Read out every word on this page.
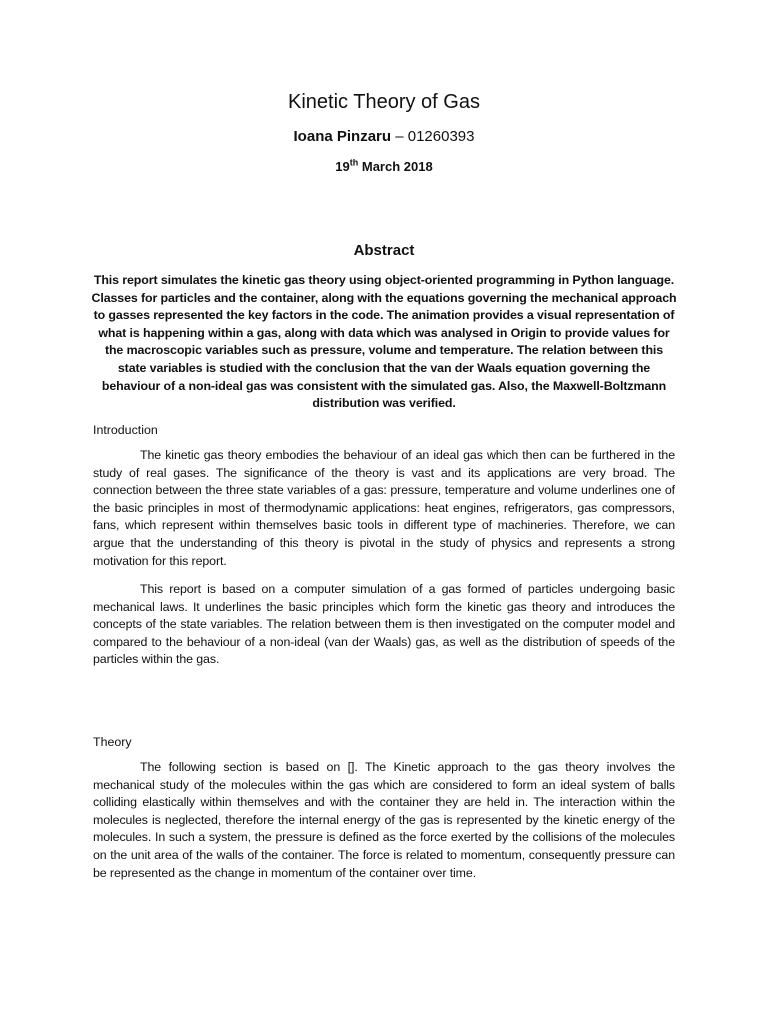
Kinetic Theory of Gas
Ioana Pinzaru – 01260393
19th March 2018
Abstract
This report simulates the kinetic gas theory using object-oriented programming in Python language. Classes for particles and the container, along with the equations governing the mechanical approach to gasses represented the key factors in the code. The animation provides a visual representation of what is happening within a gas, along with data which was analysed in Origin to provide values for the macroscopic variables such as pressure, volume and temperature. The relation between this state variables is studied with the conclusion that the van der Waals equation governing the behaviour of a non-ideal gas was consistent with the simulated gas. Also, the Maxwell-Boltzmann distribution was verified.
Introduction

The kinetic gas theory embodies the behaviour of an ideal gas which then can be furthered in the study of real gases. The significance of the theory is vast and its applications are very broad. The connection between the three state variables of a gas: pressure, temperature and volume underlines one of the basic principles in most of thermodynamic applications: heat engines, refrigerators, gas compressors, fans, which represent within themselves basic tools in different type of machineries. Therefore, we can argue that the understanding of this theory is pivotal in the study of physics and represents a strong motivation for this report.

This report is based on a computer simulation of a gas formed of particles undergoing basic mechanical laws. It underlines the basic principles which form the kinetic gas theory and introduces the concepts of the state variables. The relation between them is then investigated on the computer model and compared to the behaviour of a non-ideal (van der Waals) gas, as well as the distribution of speeds of the particles within the gas.

Theory

The following section is based on []. The Kinetic approach to the gas theory involves the mechanical study of the molecules within the gas which are considered to form an ideal system of balls colliding elastically within themselves and with the container they are held in. The interaction within the molecules is neglected, therefore the internal energy of the gas is represented by the kinetic energy of the molecules. In such a system, the pressure is defined as the force exerted by the collisions of the molecules on the unit area of the walls of the container. The force is related to momentum, consequently pressure can be represented as the change in momentum of the container over time.
